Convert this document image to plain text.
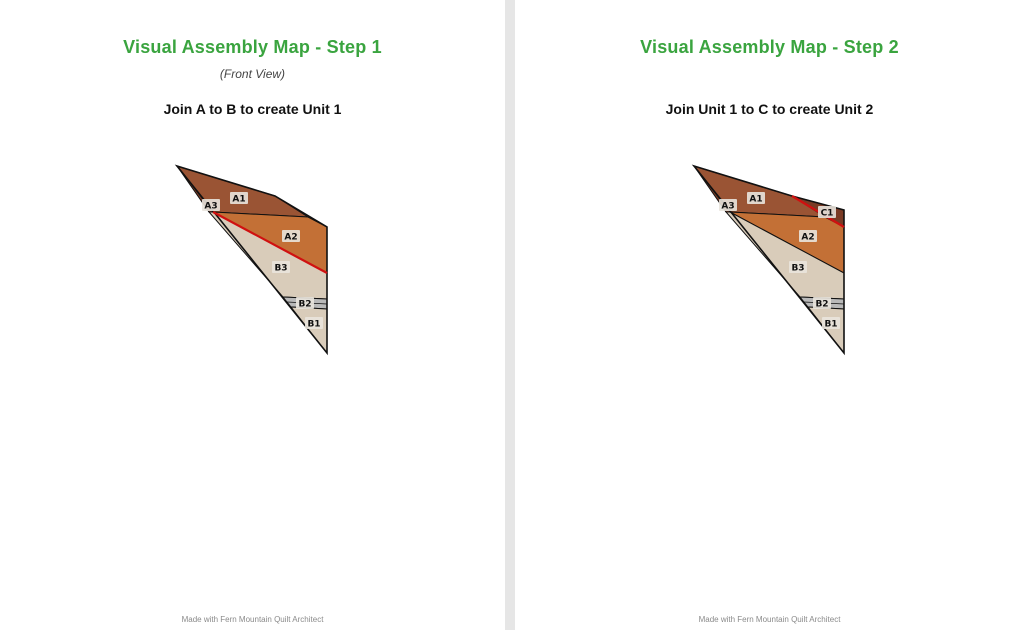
Visual Assembly Map - Step 1
(Front View)
Join A to B to create Unit 1
A1
A3
A2
B3
B2
B1
Made with Fern Mountain Quilt Architect
Visual Assembly Map - Step 2
Join Unit 1 to C to create Unit 2
A1
A3
C1
A2
B3
B2
B1
Made with Fern Mountain Quilt Architect
